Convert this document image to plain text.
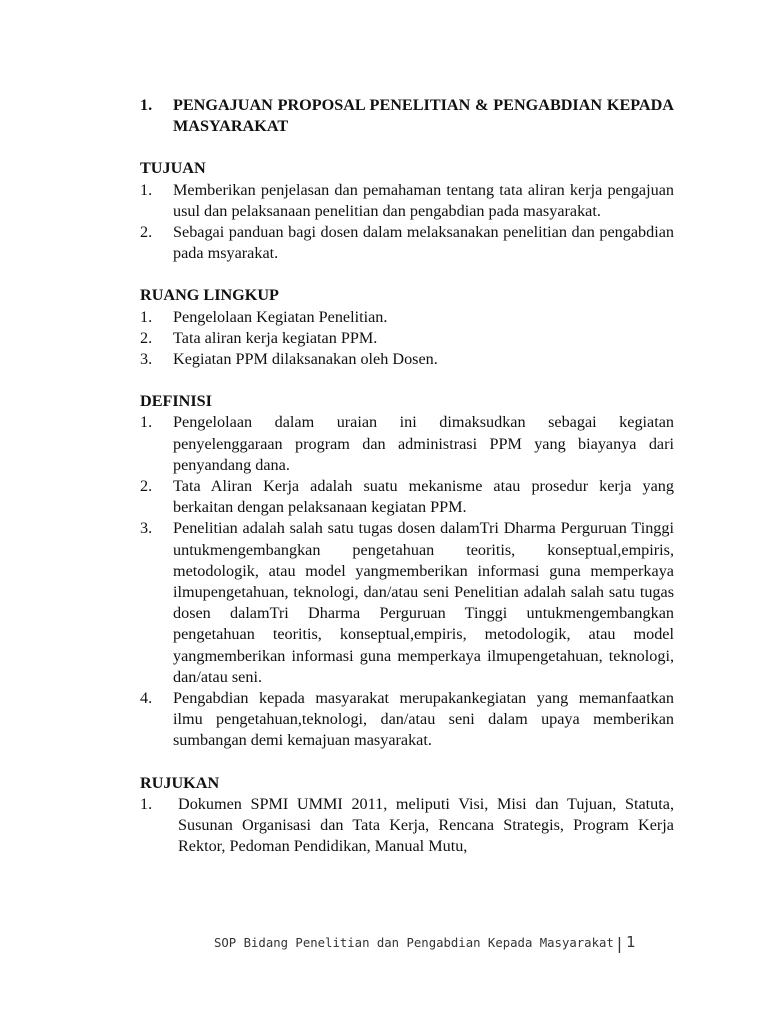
1.	PENGAJUAN PROPOSAL PENELITIAN & PENGABDIAN KEPADA MASYARAKAT
TUJUAN
1.	Memberikan penjelasan dan pemahaman tentang tata aliran kerja pengajuan usul dan pelaksanaan penelitian dan pengabdian pada masyarakat.
2.	Sebagai panduan bagi dosen dalam melaksanakan penelitian dan pengabdian pada msyarakat.
RUANG LINGKUP
1.	Pengelolaan Kegiatan Penelitian.
2.	Tata aliran kerja kegiatan PPM.
3.	Kegiatan PPM dilaksanakan oleh Dosen.
DEFINISI
1.	Pengelolaan dalam uraian ini dimaksudkan sebagai kegiatan penyelenggaraan program dan administrasi PPM yang biayanya dari penyandang dana.
2.	Tata Aliran Kerja adalah suatu mekanisme atau prosedur kerja yang berkaitan dengan pelaksanaan kegiatan PPM.
3.	Penelitian adalah salah satu tugas dosen dalamTri Dharma Perguruan Tinggi untukmengembangkan pengetahuan teoritis, konseptual,empiris, metodologik, atau model yangmemberikan informasi guna memperkaya ilmupengetahuan, teknologi, dan/atau seni Penelitian adalah salah satu tugas dosen dalamTri Dharma Perguruan Tinggi untukmengembangkan pengetahuan teoritis, konseptual,empiris, metodologik, atau model yangmemberikan informasi guna memperkaya ilmupengetahuan, teknologi, dan/atau seni.
4.	Pengabdian kepada masyarakat merupakankegiatan yang memanfaatkan ilmu pengetahuan,teknologi, dan/atau seni dalam upaya memberikan sumbangan demi kemajuan masyarakat.
RUJUKAN
1.	Dokumen SPMI UMMI 2011, meliputi Visi, Misi dan Tujuan, Statuta, Susunan Organisasi dan Tata Kerja, Rencana Strategis, Program Kerja Rektor, Pedoman Pendidikan, Manual Mutu,
SOP Bidang Penelitian dan Pengabdian Kepada Masyarakat | 1
